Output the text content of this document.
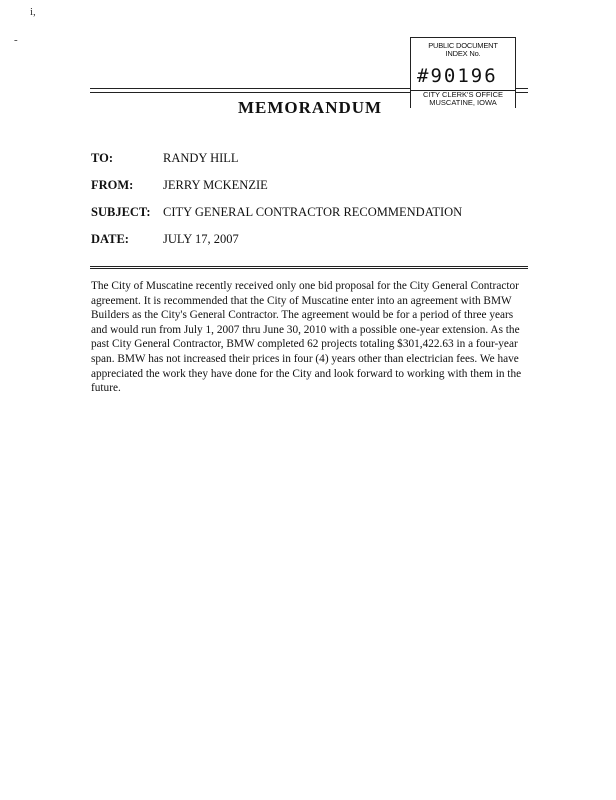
i,
-	PUBLIC DOCUMENT
INDEX No.
#90196
CITY CLERK'S OFFICE
MUSCATINE, IOWA
MEMORANDUM
TO:	RANDY HILL
FROM: JERRY MCKENZIE
SUBJECT: CITY GENERAL CONTRACTOR RECOMMENDATION
DATE:	JULY 17, 2007

The City of Muscatine recently received only one bid proposal for the City General Contractor agreement. It is recommended that the City of Muscatine enter into an agreement with BMW Builders as the City's General Contractor. The agreement would be for a period of three years and would run from July 1, 2007 thru June 30, 2010 with a possible one-year extension. As the past City General Contractor, BMW completed 62 projects totaling $301,422.63 in a four-year span. BMW has not increased their prices in four (4) years other than electrician fees. We have appreciated the work they have done for the City and look forward to working with them in the future.
